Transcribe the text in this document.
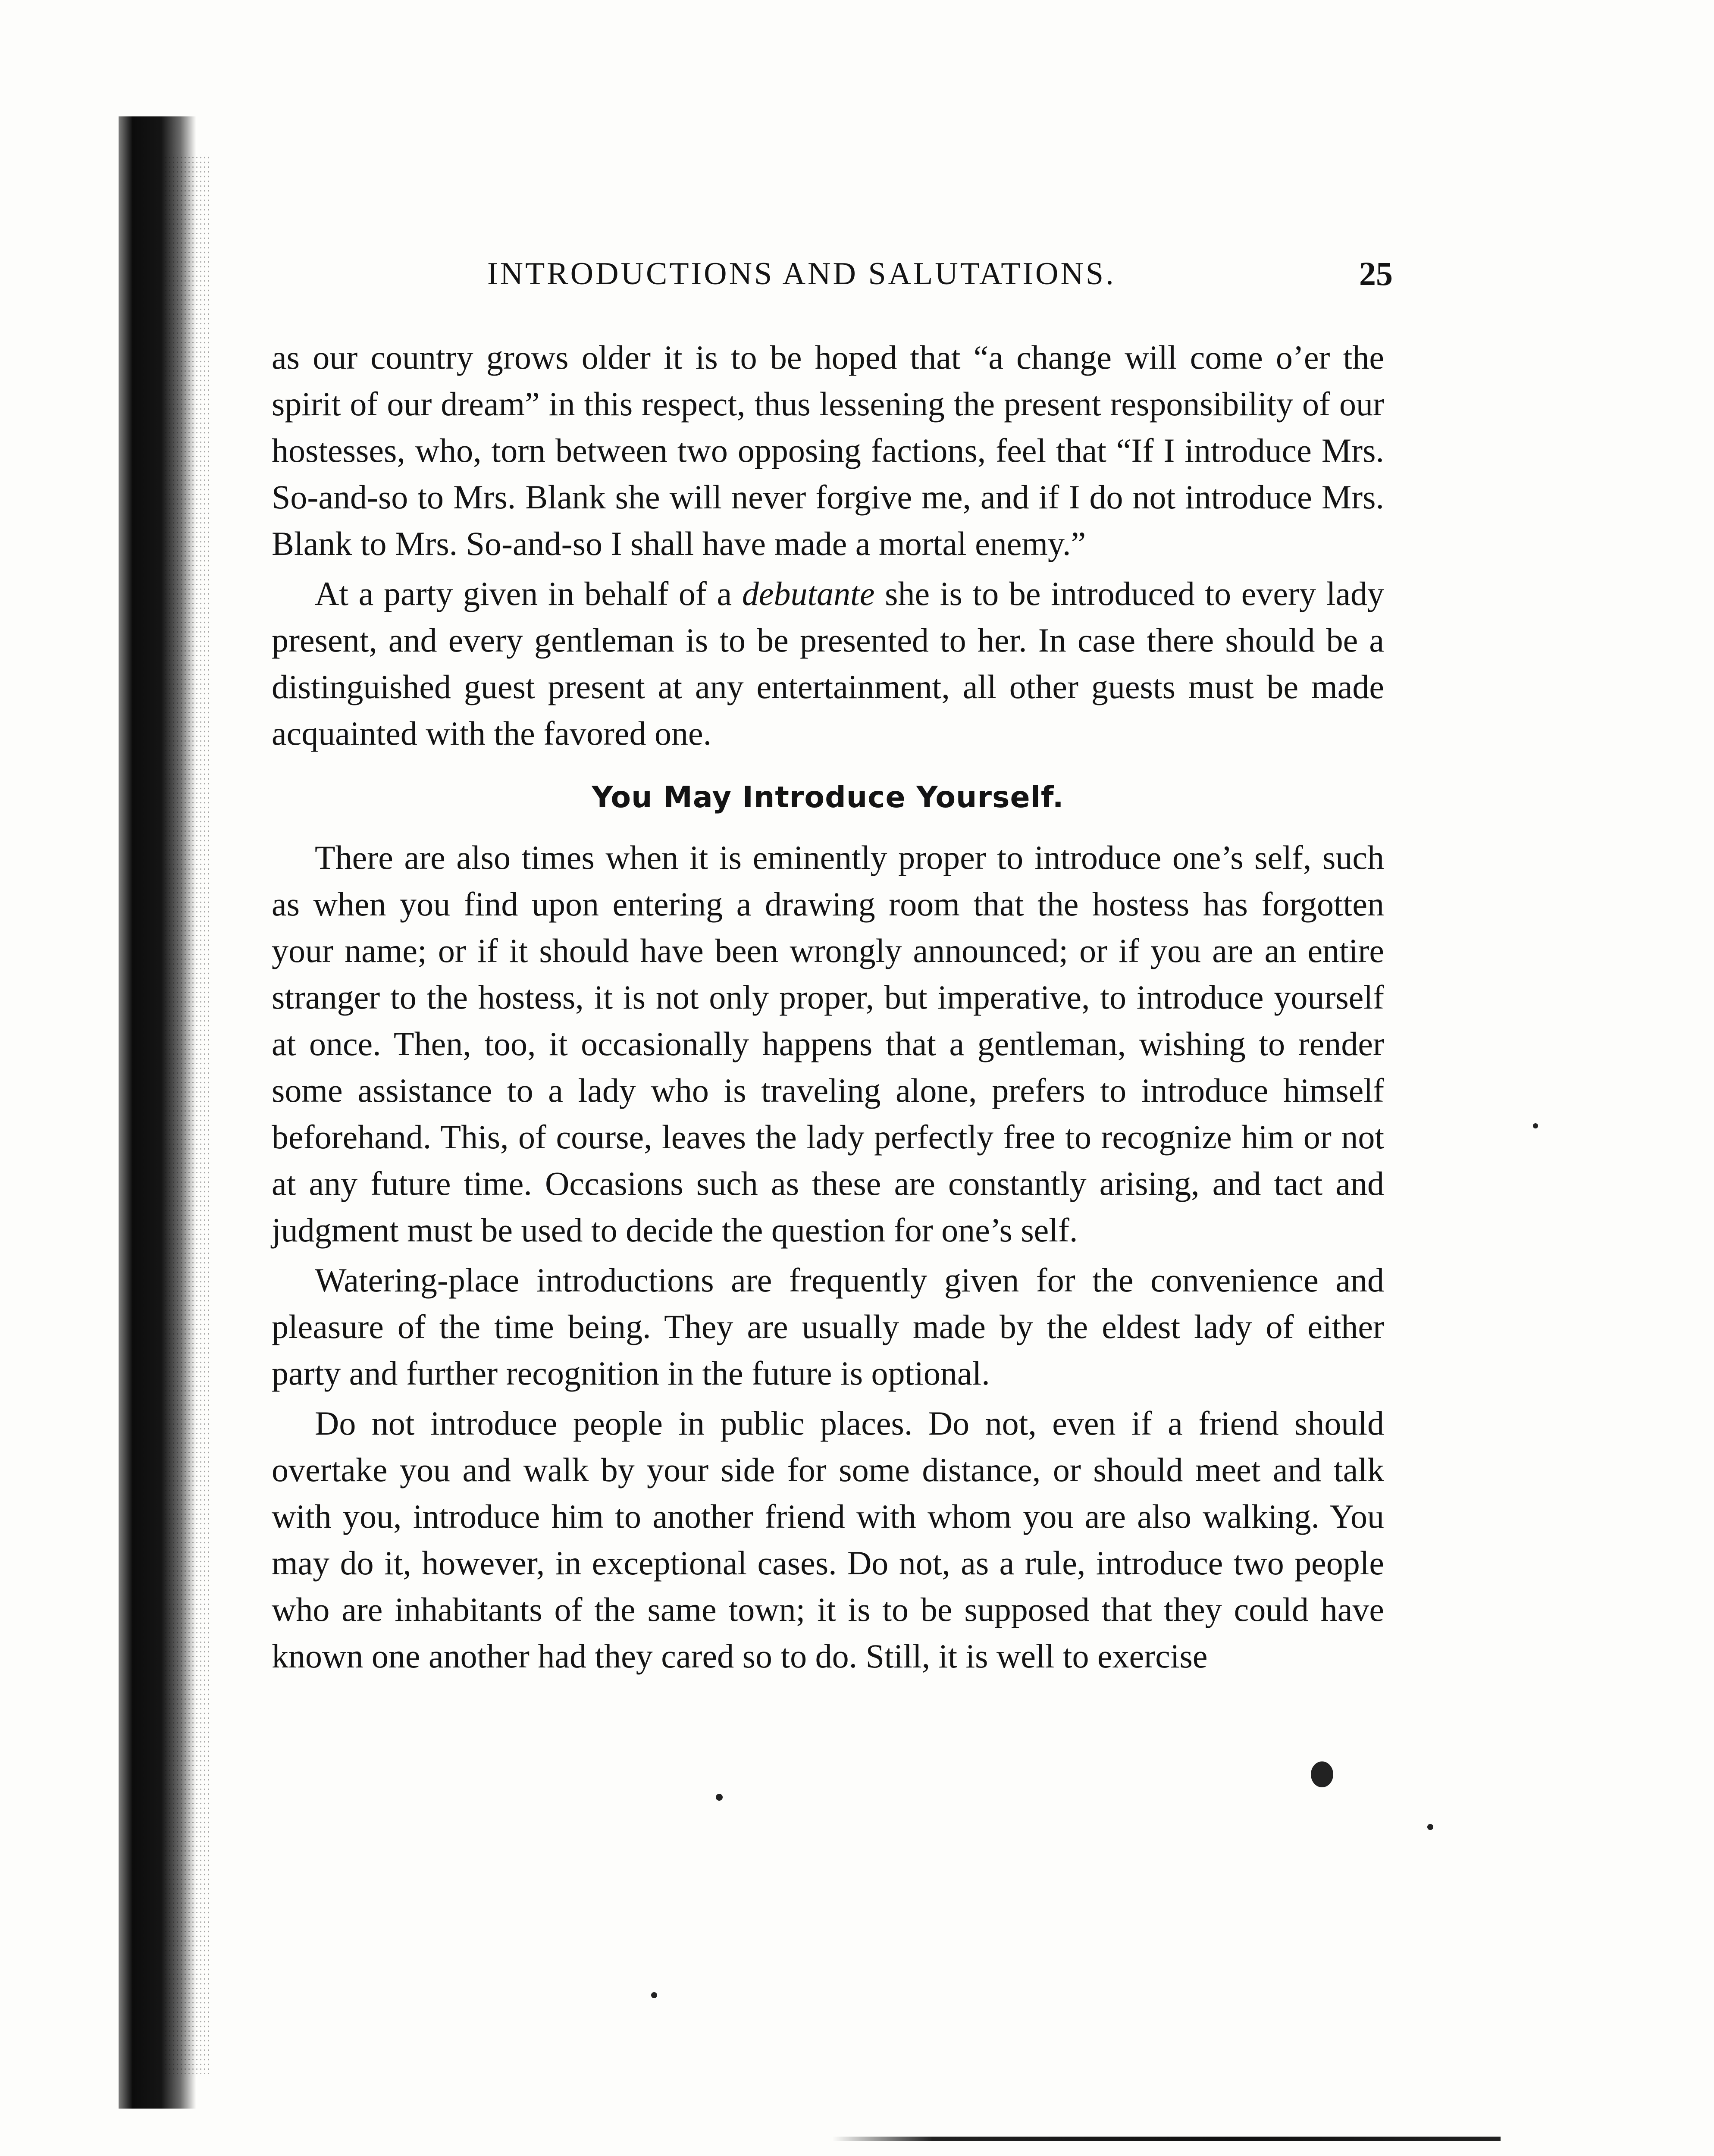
INTRODUCTIONS AND SALUTATIONS.	25

as our country grows older it is to be hoped that “a change will come o’er the spirit of our dream” in this respect, thus lessening the present responsibility of our hostesses, who, torn between two opposing factions, feel that “If I introduce Mrs. So-and-so to Mrs. Blank she will never forgive me, and if I do not introduce Mrs. Blank to Mrs. So-and-so I shall have made a mortal enemy.”

At a party given in behalf of a debutante she is to be introduced to every lady present, and every gentleman is to be presented to her. In case there should be a distinguished guest present at any entertainment, all other guests must be made acquainted with the favored one.

You May Introduce Yourself.

There are also times when it is eminently proper to introduce one’s self, such as when you find upon entering a drawing room that the hostess has forgotten your name; or if it should have been wrongly announced; or if you are an entire stranger to the hostess, it is not only proper, but imperative, to introduce yourself at once. Then, too, it occasionally happens that a gentleman, wishing to render some assistance to a lady who is traveling alone, prefers to introduce himself beforehand. This, of course, leaves the lady perfectly free to recognize him or not at any future time. Occasions such as these are constantly arising, and tact and judgment must be used to decide the question for one’s self.

Watering-place introductions are frequently given for the convenience and pleasure of the time being. They are usually made by the eldest lady of either party and further recognition in the future is optional.

Do not introduce people in public places. Do not, even if a friend should overtake you and walk by your side for some distance, or should meet and talk with you, introduce him to another friend with whom you are also walking. You may do it, however, in exceptional cases. Do not, as a rule, introduce two people who are inhabitants of the same town; it is to be supposed that they could have known one another had they cared so to do. Still, it is well to exercise
